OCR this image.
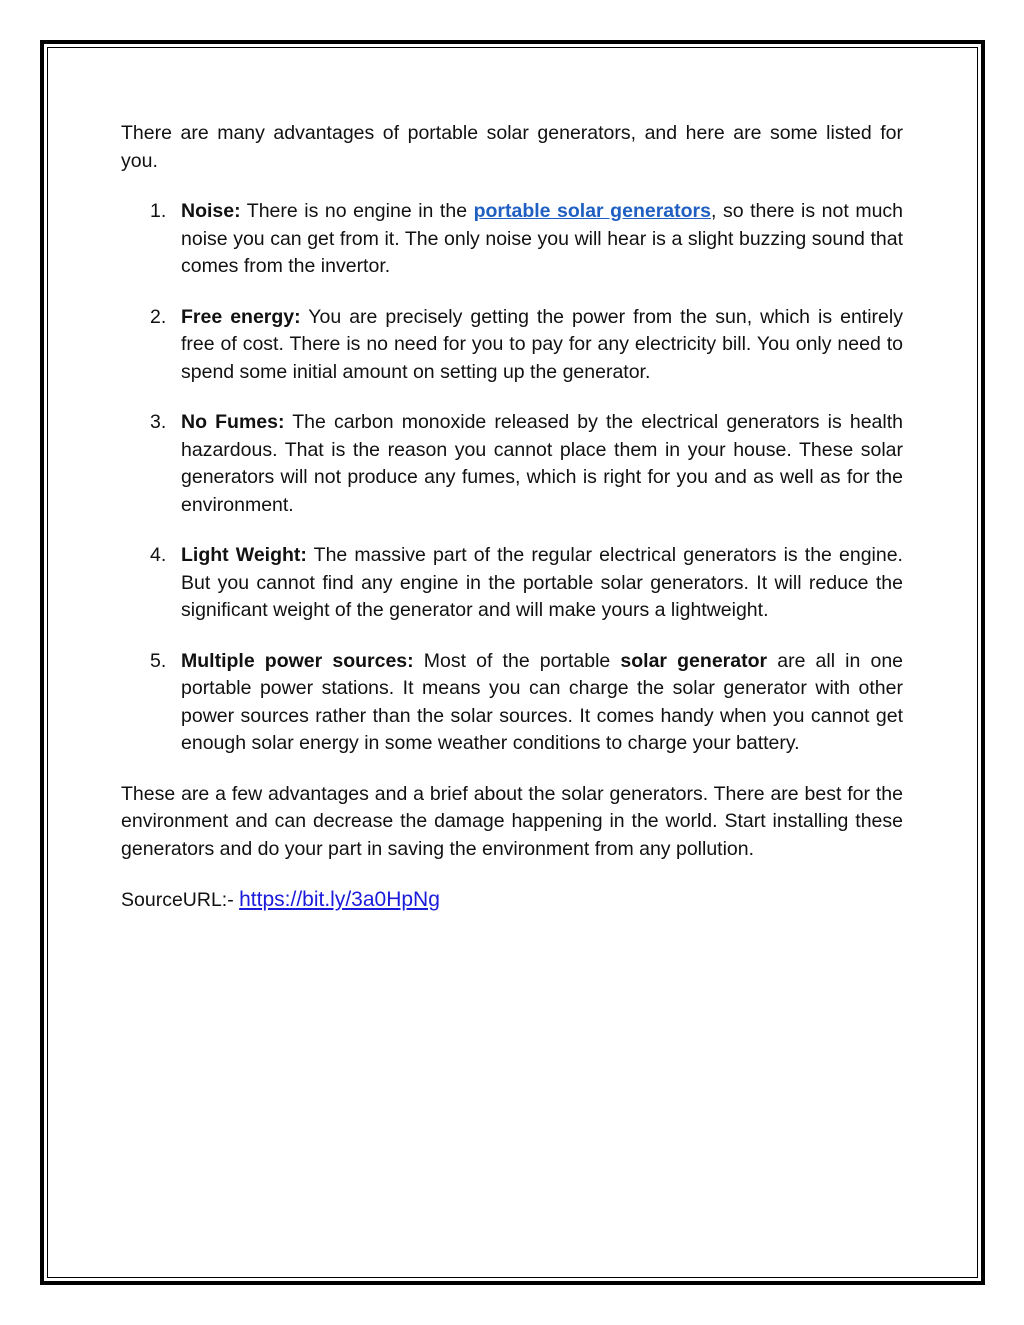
There are many advantages of portable solar generators, and here are some listed for you.

1. Noise: There is no engine in the portable solar generators, so there is not much noise you can get from it. The only noise you will hear is a slight buzzing sound that comes from the invertor.
2. Free energy: You are precisely getting the power from the sun, which is entirely free of cost. There is no need for you to pay for any electricity bill. You only need to spend some initial amount on setting up the generator.
3. No Fumes: The carbon monoxide released by the electrical generators is health hazardous. That is the reason you cannot place them in your house. These solar generators will not produce any fumes, which is right for you and as well as for the environment.
4. Light Weight: The massive part of the regular electrical generators is the engine. But you cannot find any engine in the portable solar generators. It will reduce the significant weight of the generator and will make yours a lightweight.
5. Multiple power sources: Most of the portable solar generator are all in one portable power stations. It means you can charge the solar generator with other power sources rather than the solar sources. It comes handy when you cannot get enough solar energy in some weather conditions to charge your battery.

These are a few advantages and a brief about the solar generators. There are best for the environment and can decrease the damage happening in the world. Start installing these generators and do your part in saving the environment from any pollution.

SourceURL:- https://bit.ly/3a0HpNg
